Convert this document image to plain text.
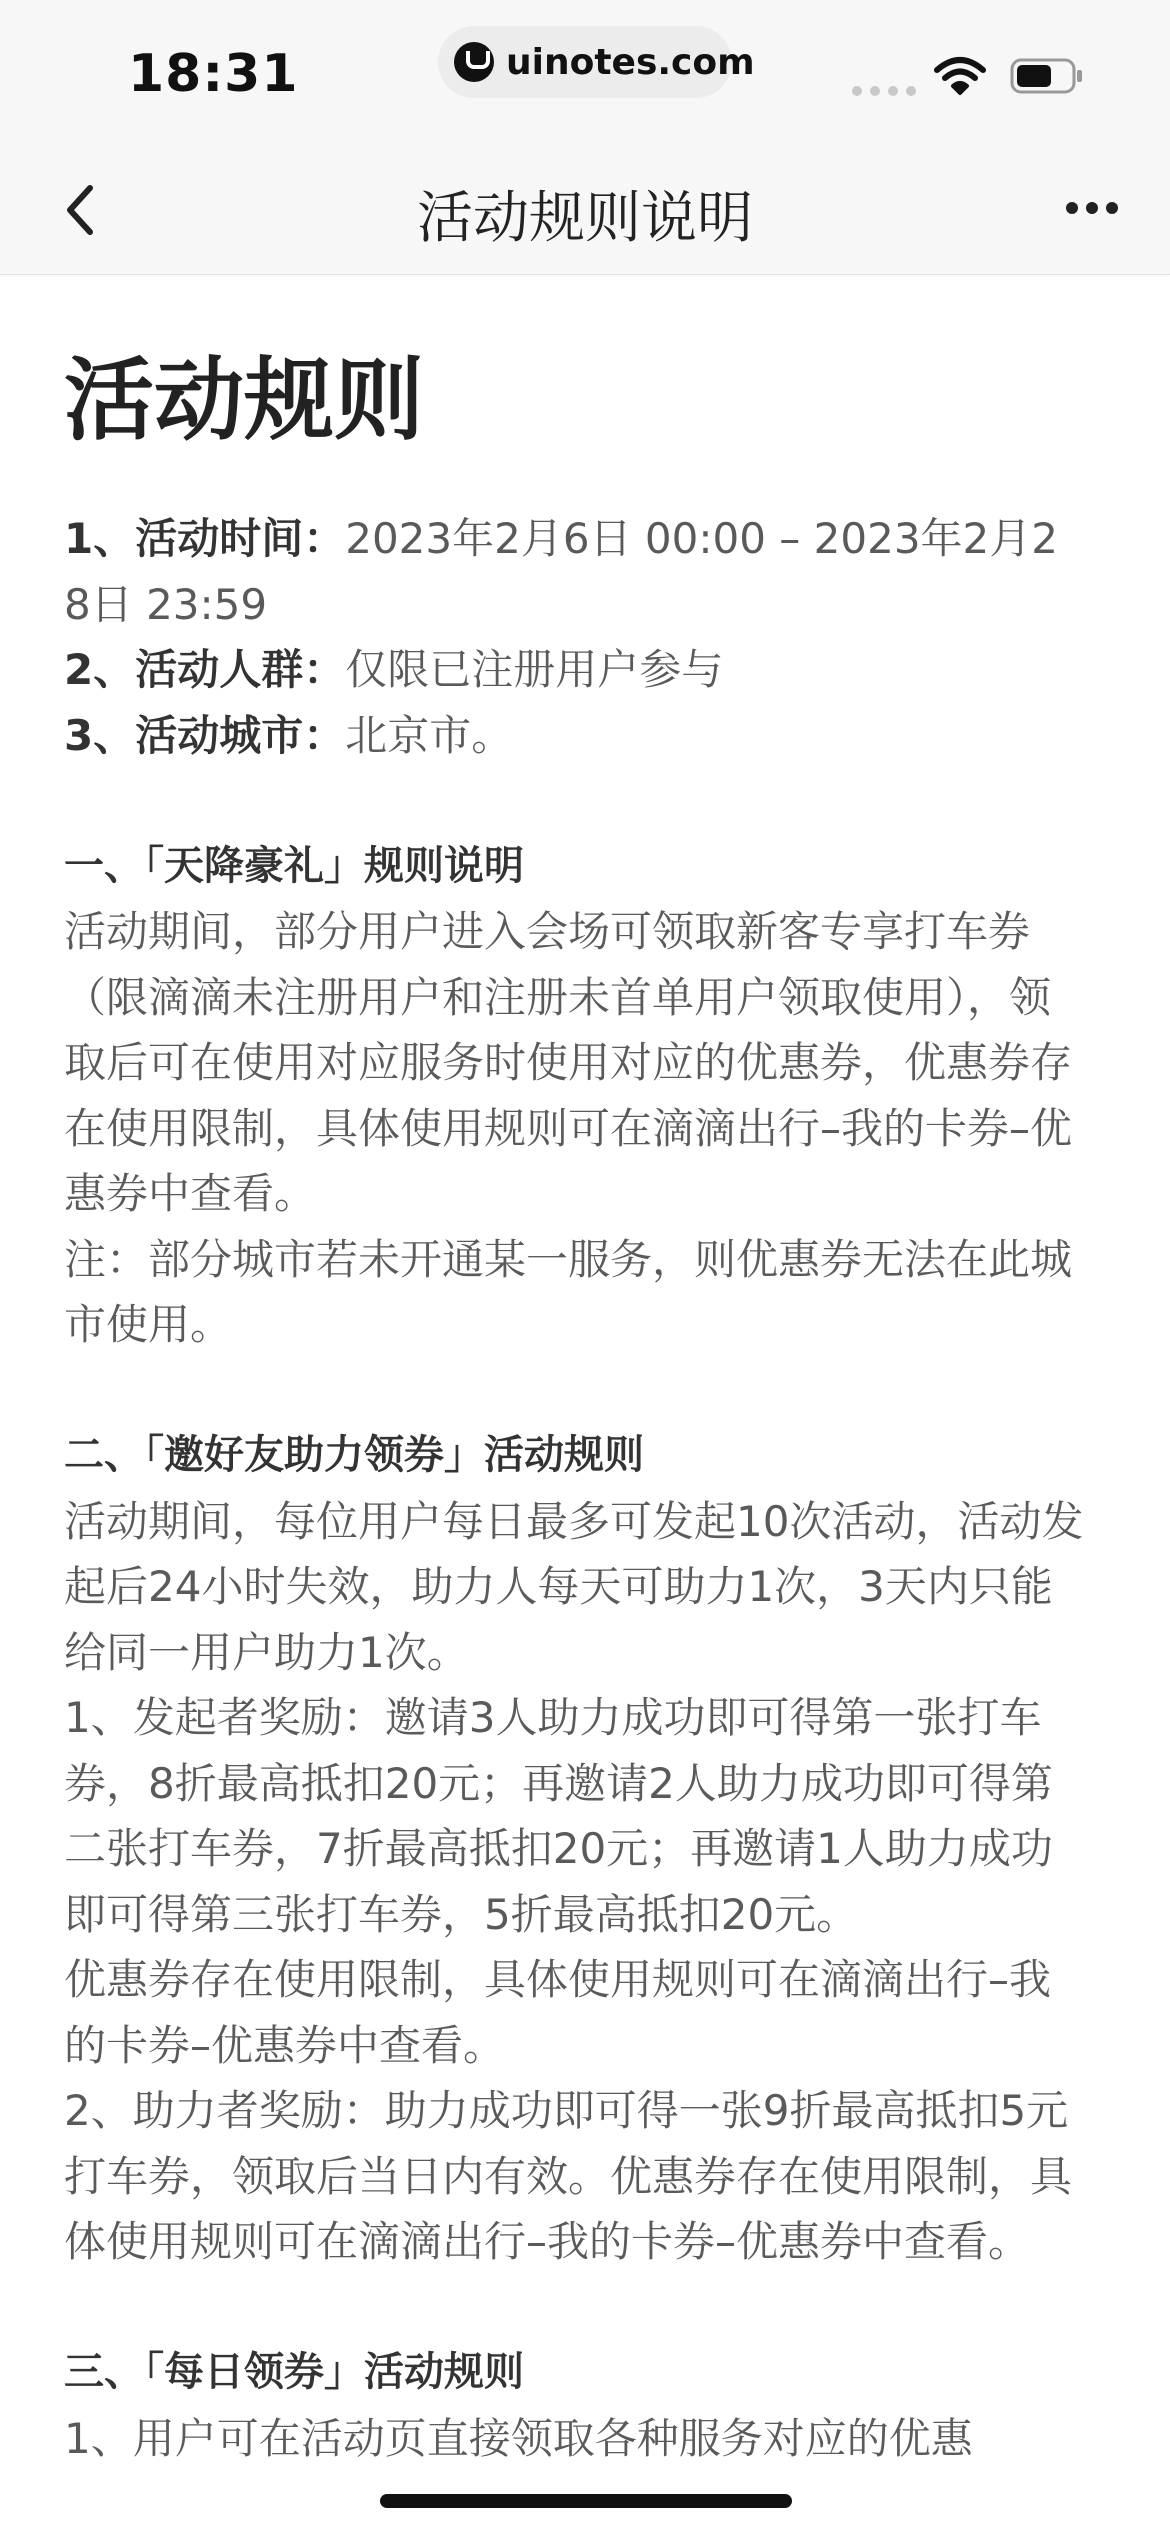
18:31	uinotes.com
活动规则说明
活动规则
1、活动时间：2023年2月6日 00:00 – 2023年2月28日 23:59
2、活动人群：仅限已注册用户参与
3、活动城市：北京市。
一、「天降豪礼」规则说明
活动期间，部分用户进入会场可领取新客专享打车券（限滴滴未注册用户和注册未首单用户领取使用），领取后可在使用对应服务时使用对应的优惠券，优惠券存在使用限制，具体使用规则可在滴滴出行–我的卡券–优惠券中查看。
注：部分城市若未开通某一服务，则优惠券无法在此城市使用。
二、「邀好友助力领券」活动规则
活动期间，每位用户每日最多可发起10次活动，活动发起后24小时失效，助力人每天可助力1次，3天内只能给同一用户助力1次。
1、发起者奖励：邀请3人助力成功即可得第一张打车券，8折最高抵扣20元；再邀请2人助力成功即可得第二张打车券，7折最高抵扣20元；再邀请1人助力成功即可得第三张打车券，5折最高抵扣20元。
优惠券存在使用限制，具体使用规则可在滴滴出行–我的卡券–优惠券中查看。
2、助力者奖励：助力成功即可得一张9折最高抵扣5元打车券，领取后当日内有效。优惠券存在使用限制，具体使用规则可在滴滴出行–我的卡券–优惠券中查看。
三、「每日领券」活动规则
1、用户可在活动页直接领取各种服务对应的优惠
